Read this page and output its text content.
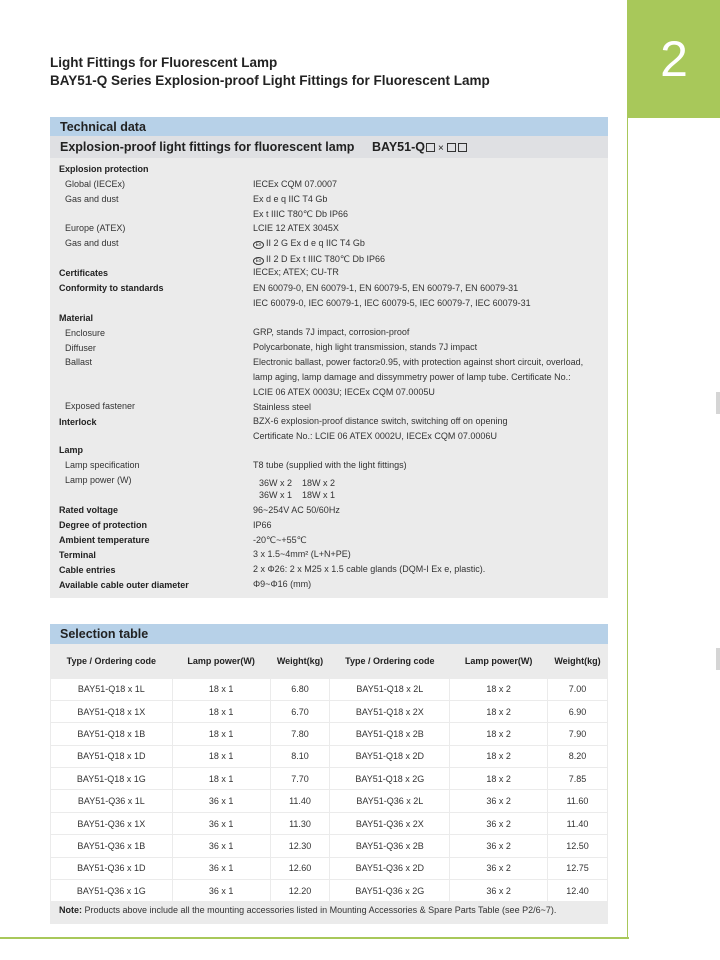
2
Light Fittings for Fluorescent Lamp
BAY51-Q Series Explosion-proof Light Fittings for Fluorescent Lamp
Technical data
Explosion-proof light fittings for fluorescent lamp BAY51-Q ×
Explosion protection
Global (IECEx)	IECEx CQM 07.0007
Gas and dust	Ex d e q IIC T4 Gb
Ex t IIIC T80℃ Db IP66
Europe (ATEX)	LCIE 12 ATEX 3045X
Gas and dust	Ex II 2 G Ex d e q IIC T4 Gb
Ex II 2 D Ex t IIIC T80℃ Db IP66
Certificates	IECEx; ATEX; CU-TR
Conformity to standards	EN 60079-0, EN 60079-1, EN 60079-5, EN 60079-7, EN 60079-31
IEC 60079-0, IEC 60079-1, IEC 60079-5, IEC 60079-7, IEC 60079-31
Material
Enclosure	GRP, stands 7J impact, corrosion-proof
Diffuser	Polycarbonate, high light transmission, stands 7J impact
Ballast	Electronic ballast, power factor≥0.95, with protection against short circuit, overload,
lamp aging, lamp damage and dissymmetry power of lamp tube. Certificate No.:
LCIE 06 ATEX 0003U; IECEx CQM 07.0005U
Exposed fastener	Stainless steel
Interlock	BZX-6 explosion-proof distance switch, switching off on opening
Certificate No.: LCIE 06 ATEX 0002U, IECEx CQM 07.0006U
Lamp
Lamp specification	T8 tube (supplied with the light fittings)
Lamp power (W)	36W x 2    18W x 2
36W x 1    18W x 1
Rated voltage	96~254V AC 50/60Hz
Degree of protection	IP66
Ambient temperature	-20℃~+55℃
Terminal	3 x 1.5~4mm² (L+N+PE)
Cable entries	2 x Φ26: 2 x M25 x 1.5 cable glands (DQM-I Ex e, plastic).
Available cable outer diameter	Φ9~Φ16 (mm)
Selection table
Type / Ordering code	Lamp power(W)	Weight(kg)	Type / Ordering code	Lamp power(W)	Weight(kg)
BAY51-Q18 x 1L	18 x 1	6.80	BAY51-Q18 x 2L	18 x 2	7.00
BAY51-Q18 x 1X	18 x 1	6.70	BAY51-Q18 x 2X	18 x 2	6.90
BAY51-Q18 x 1B	18 x 1	7.80	BAY51-Q18 x 2B	18 x 2	7.90
BAY51-Q18 x 1D	18 x 1	8.10	BAY51-Q18 x 2D	18 x 2	8.20
BAY51-Q18 x 1G	18 x 1	7.70	BAY51-Q18 x 2G	18 x 2	7.85
BAY51-Q36 x 1L	36 x 1	11.40	BAY51-Q36 x 2L	36 x 2	11.60
BAY51-Q36 x 1X	36 x 1	11.30	BAY51-Q36 x 2X	36 x 2	11.40
BAY51-Q36 x 1B	36 x 1	12.30	BAY51-Q36 x 2B	36 x 2	12.50
BAY51-Q36 x 1D	36 x 1	12.60	BAY51-Q36 x 2D	36 x 2	12.75
BAY51-Q36 x 1G	36 x 1	12.20	BAY51-Q36 x 2G	36 x 2	12.40
Note: Products above include all the mounting accessories listed in Mounting Accessories & Spare Parts Table (see P2/6~7).
